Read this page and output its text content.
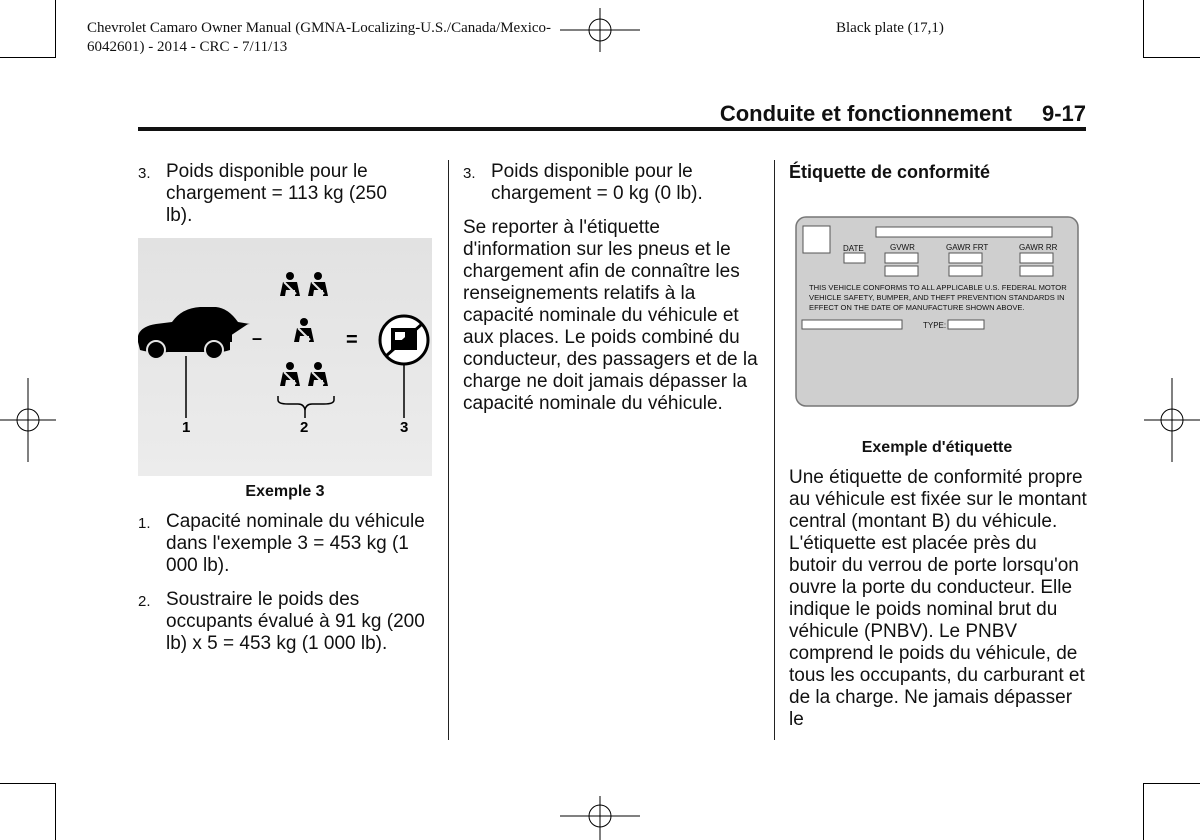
Chevrolet Camaro Owner Manual (GMNA-Localizing-U.S./Canada/Mexico-
6042601) - 2014 - CRC - 7/11/13
Black plate (17,1)
Conduite et fonctionnement 9-17
3. Poids disponible pour le chargement = 113 kg (250 lb).

–	=
1	2	3
Exemple 3
1. Capacité nominale du véhicule dans l'exemple 3 = 453 kg (1 000 lb).

2. Soustraire le poids des occupants évalué à 91 kg (200 lb) x 5 = 453 kg (1 000 lb).

3. Poids disponible pour le chargement = 0 kg (0 lb).

Se reporter à l'étiquette d'information sur les pneus et le chargement afin de connaître les renseignements relatifs à la capacité nominale du véhicule et aux places. Le poids combiné du conducteur, des passagers et de la charge ne doit jamais dépasser la capacité nominale du véhicule.

Étiquette de conformité

DATE	GVWR	GAWR FRT	GAWR RR
THIS VEHICLE CONFORMS TO ALL APPLICABLE U.S. FEDERAL MOTOR
VEHICLE SAFETY, BUMPER, AND THEFT PREVENTION STANDARDS IN
EFFECT ON THE DATE OF MANUFACTURE SHOWN ABOVE.
TYPE:
Exemple d'étiquette

Une étiquette de conformité propre au véhicule est fixée sur le montant central (montant B) du véhicule. L'étiquette est placée près du butoir du verrou de porte lorsqu'on ouvre la porte du conducteur. Elle indique le poids nominal brut du véhicule (PNBV). Le PNBV comprend le poids du véhicule, de tous les occupants, du carburant et de la charge. Ne jamais dépasser le
